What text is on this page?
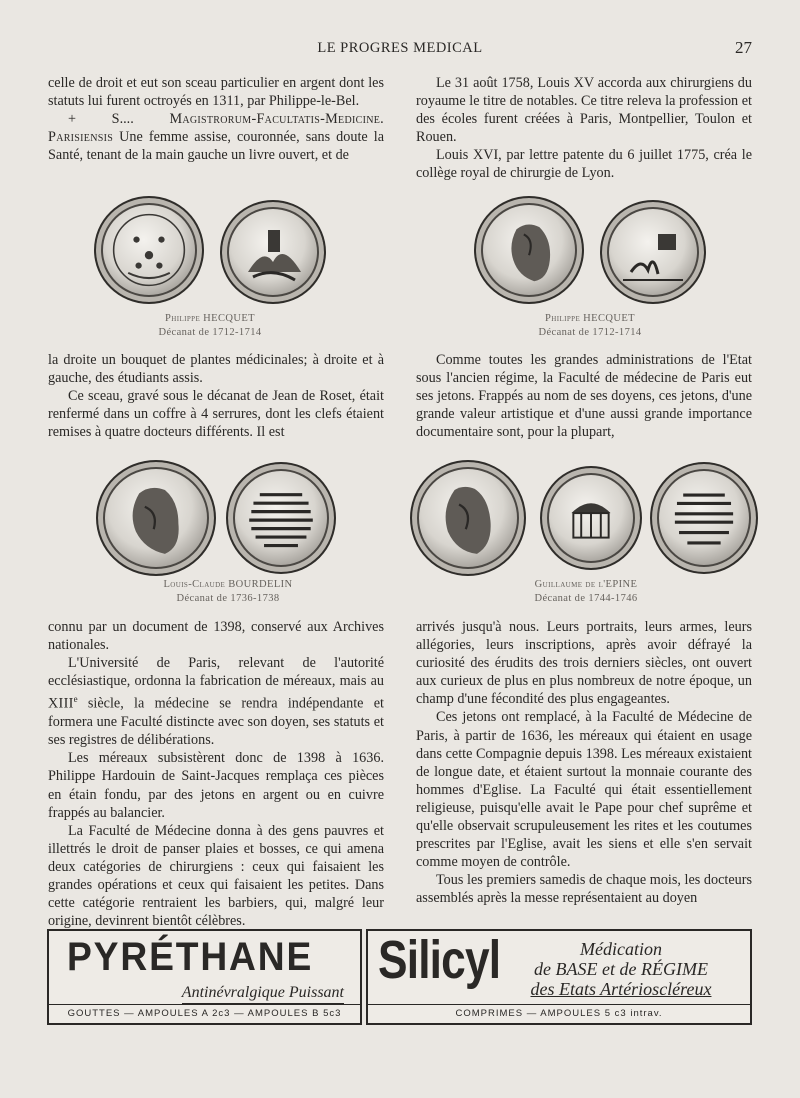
LE PROGRES MEDICAL	27

celle de droit et eut son sceau particulier en argent dont les statuts lui furent octroyés en 1311, par Philippe-le-Bel.

+ S.... Magistrorum-Facultatis-Medicine. Parisiensis Une femme assise, couronnée, sans doute la Santé, tenant de la main gauche un livre ouvert, et de

Le 31 août 1758, Louis XV accorda aux chirurgiens du royaume le titre de notables. Ce titre releva la profession et des écoles furent créées à Paris, Montpellier, Toulon et Rouen.

Louis XVI, par lettre patente du 6 juillet 1775, créa le collège royal de chirurgie de Lyon.

Philippe HECQUET
Décanat de 1712-1714
Philippe HECQUET
Décanat de 1712-1714

la droite un bouquet de plantes médicinales; à droite et à gauche, des étudiants assis.

Ce sceau, gravé sous le décanat de Jean de Roset, était renfermé dans un coffre à 4 serrures, dont les clefs étaient remises à quatre docteurs différents. Il est

Comme toutes les grandes administrations de l'Etat sous l'ancien régime, la Faculté de médecine de Paris eut ses jetons. Frappés au nom de ses doyens, ces jetons, d'une grande valeur artistique et d'une aussi grande importance documentaire sont, pour la plupart,

Louis-Claude BOURDELIN
Décanat de 1736-1738
Guillaume de l'EPINE
Décanat de 1744-1746

connu par un document de 1398, conservé aux Archives nationales.

L'Université de Paris, relevant de l'autorité ecclésiastique, ordonna la fabrication de méreaux, mais au XIIIe siècle, la médecine se rendra indépendante et formera une Faculté distincte avec son doyen, ses statuts et ses registres de délibérations.

Les méreaux subsistèrent donc de 1398 à 1636. Philippe Hardouin de Saint-Jacques remplaça ces pièces en étain fondu, par des jetons en argent ou en cuivre frappés au balancier.

La Faculté de Médecine donna à des gens pauvres et illettrés le droit de panser plaies et bosses, ce qui amena deux catégories de chirurgiens : ceux qui faisaient les grandes opérations et ceux qui faisaient les petites. Dans cette catégorie rentraient les barbiers, qui, malgré leur origine, devinrent bientôt célèbres.

arrivés jusqu'à nous. Leurs portraits, leurs armes, leurs allégories, leurs inscriptions, après avoir défrayé la curiosité des érudits des trois derniers siècles, ont ouvert aux curieux de plus en plus nombreux de notre époque, un champ d'une fécondité des plus engageantes.

Ces jetons ont remplacé, à la Faculté de Médecine de Paris, à partir de 1636, les méreaux qui étaient en usage dans cette Compagnie depuis 1398. Les méreaux existaient de longue date, et étaient surtout la monnaie courante des hommes d'Eglise. La Faculté qui était essentiellement religieuse, puisqu'elle avait le Pape pour chef suprême et qu'elle observait scrupuleusement les rites et les coutumes prescrites par l'Eglise, avait les siens et elle s'en servait comme moyen de contrôle.

Tous les premiers samedis de chaque mois, les docteurs assemblés après la messe représentaient au doyen

PYRÉTHANE
Antinévralgique Puissant
GOUTTES — AMPOULES A 2c3 — AMPOULES B 5c3
Silicyl	Médication
de BASE et de RÉGIME
des Etats Artérioscléreux
COMPRIMES — AMPOULES 5 c3 intrav.
